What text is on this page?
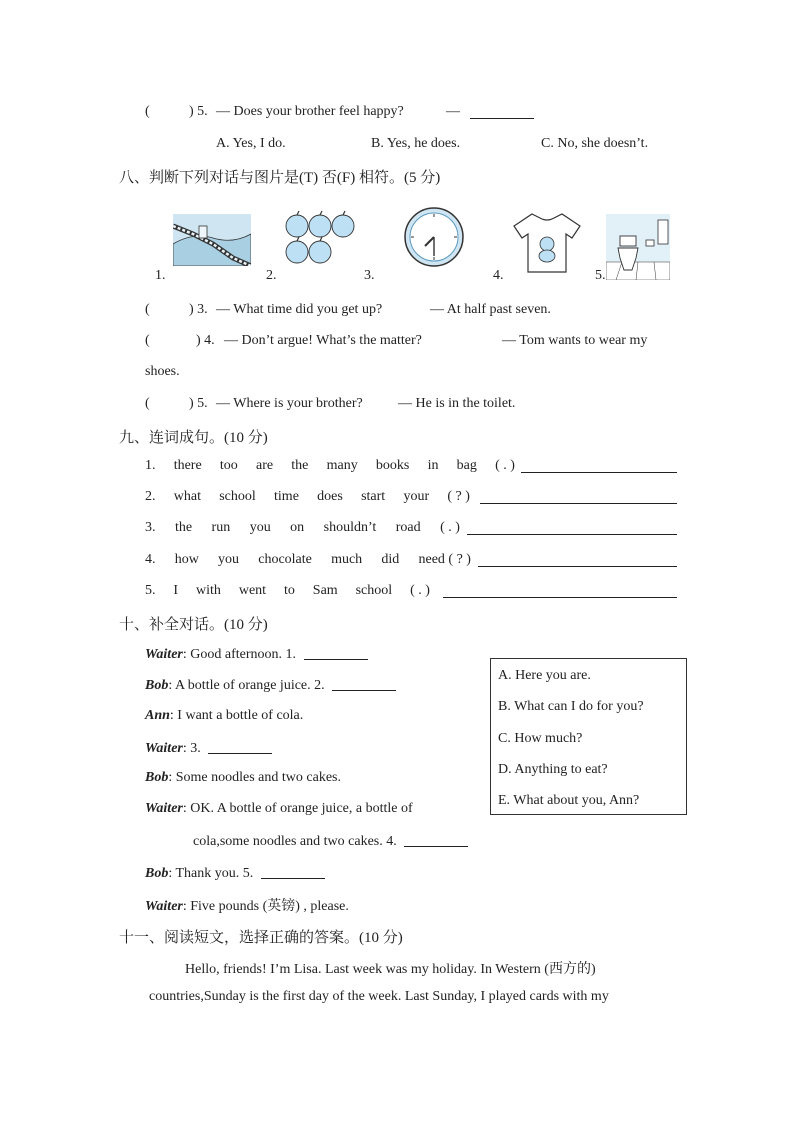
(	) 5. — Does your brother feel happy?	—
A. Yes, I do.	B. Yes, he does.	C. No, she doesn’t.
八、判断下列对话与图片是(T) 否(F) 相符。(5 分)
1.	2.	3.	4.	5.
(	) 3. — What time did you get up?	— At half past seven.
(	) 4. — Don’t argue! What’s the matter?	— Tom wants to wear my
shoes.
(	) 5. — Where is your brother?	— He is in the toilet.
九、连词成句。(10 分)
1. there too are the many books in bag ( . )
2. what school time does start your ( ? )
3. the run you on shouldn’t road ( . )
4. how you chocolate much did need ( ? )
5. I with went to Sam school ( . )
十、补全对话。(10 分)
Waiter: Good afternoon. 1.
Bob: A bottle of orange juice. 2.
Ann: I want a bottle of cola.
Waiter: 3.
Bob: Some noodles and two cakes.
Waiter: OK. A bottle of orange juice, a bottle of
cola,some noodles and two cakes. 4.
Bob: Thank you. 5.
Waiter: Five pounds (英镑) , please.
A. Here you are.
B. What can I do for you?
C. How much?
D. Anything to eat?
E. What about you, Ann?
十一、阅读短文，选择正确的答案。(10 分)
Hello, friends! I’m Lisa. Last week was my holiday. In Western (西方的)
countries,Sunday is the first day of the week. Last Sunday, I played cards with my
